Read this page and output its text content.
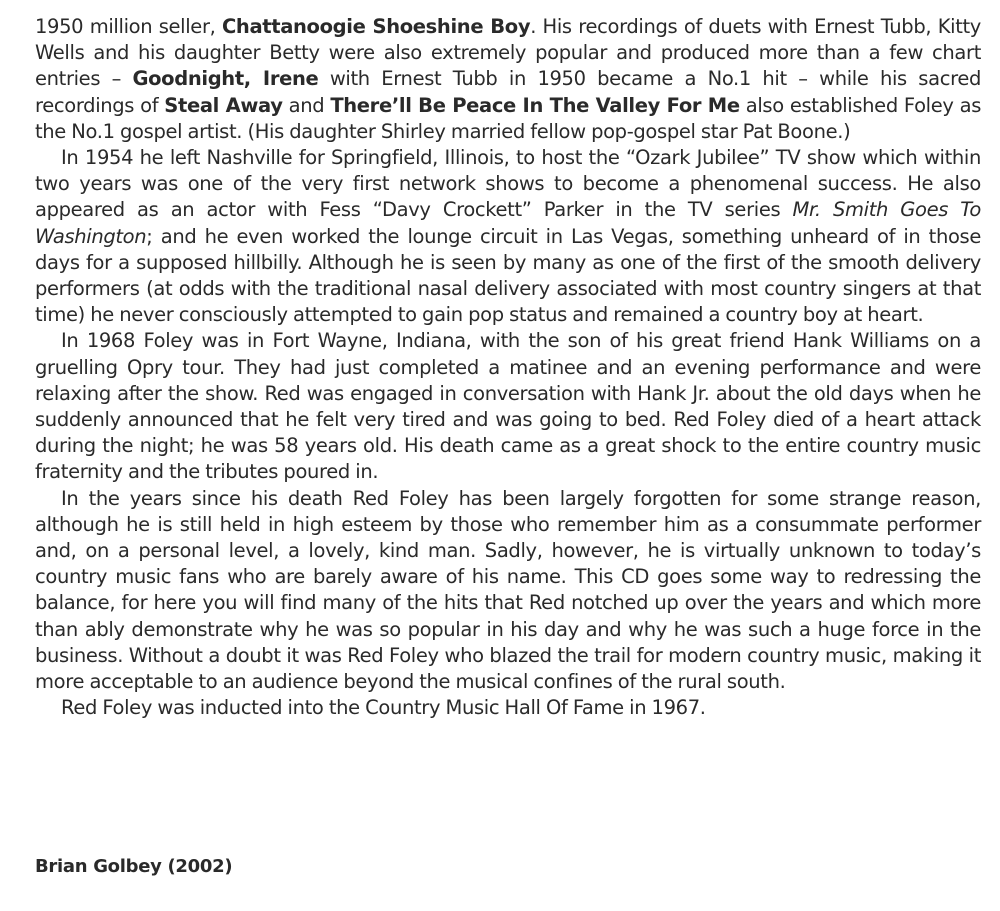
1950 million seller, Chattanoogie Shoeshine Boy. His recordings of duets with Ernest Tubb, Kitty Wells and his daughter Betty were also extremely popular and produced more than a few chart entries – Goodnight, Irene with Ernest Tubb in 1950 became a No.1 hit – while his sacred recordings of Steal Away and There’ll Be Peace In The Valley For Me also established Foley as the No.1 gospel artist. (His daughter Shirley married fellow pop-gospel star Pat Boone.)

In 1954 he left Nashville for Springfield, Illinois, to host the “Ozark Jubilee” TV show which within two years was one of the very first network shows to become a phenomenal success. He also appeared as an actor with Fess “Davy Crockett” Parker in the TV series Mr. Smith Goes To Washington; and he even worked the lounge circuit in Las Vegas, something unheard of in those days for a supposed hillbilly. Although he is seen by many as one of the first of the smooth delivery performers (at odds with the traditional nasal delivery associated with most country singers at that time) he never consciously attempted to gain pop status and remained a country boy at heart.

In 1968 Foley was in Fort Wayne, Indiana, with the son of his great friend Hank Williams on a gruelling Opry tour. They had just completed a matinee and an evening performance and were relaxing after the show. Red was engaged in conversation with Hank Jr. about the old days when he suddenly announced that he felt very tired and was going to bed. Red Foley died of a heart attack during the night; he was 58 years old. His death came as a great shock to the entire country music fraternity and the tributes poured in.

In the years since his death Red Foley has been largely forgotten for some strange reason, although he is still held in high esteem by those who remember him as a consummate performer and, on a personal level, a lovely, kind man. Sadly, however, he is virtually unknown to today’s country music fans who are barely aware of his name. This CD goes some way to redressing the balance, for here you will find many of the hits that Red notched up over the years and which more than ably demonstrate why he was so popular in his day and why he was such a huge force in the business. Without a doubt it was Red Foley who blazed the trail for modern country music, making it more acceptable to an audience beyond the musical confines of the rural south.

Red Foley was inducted into the Country Music Hall Of Fame in 1967.

Brian Golbey (2002)
